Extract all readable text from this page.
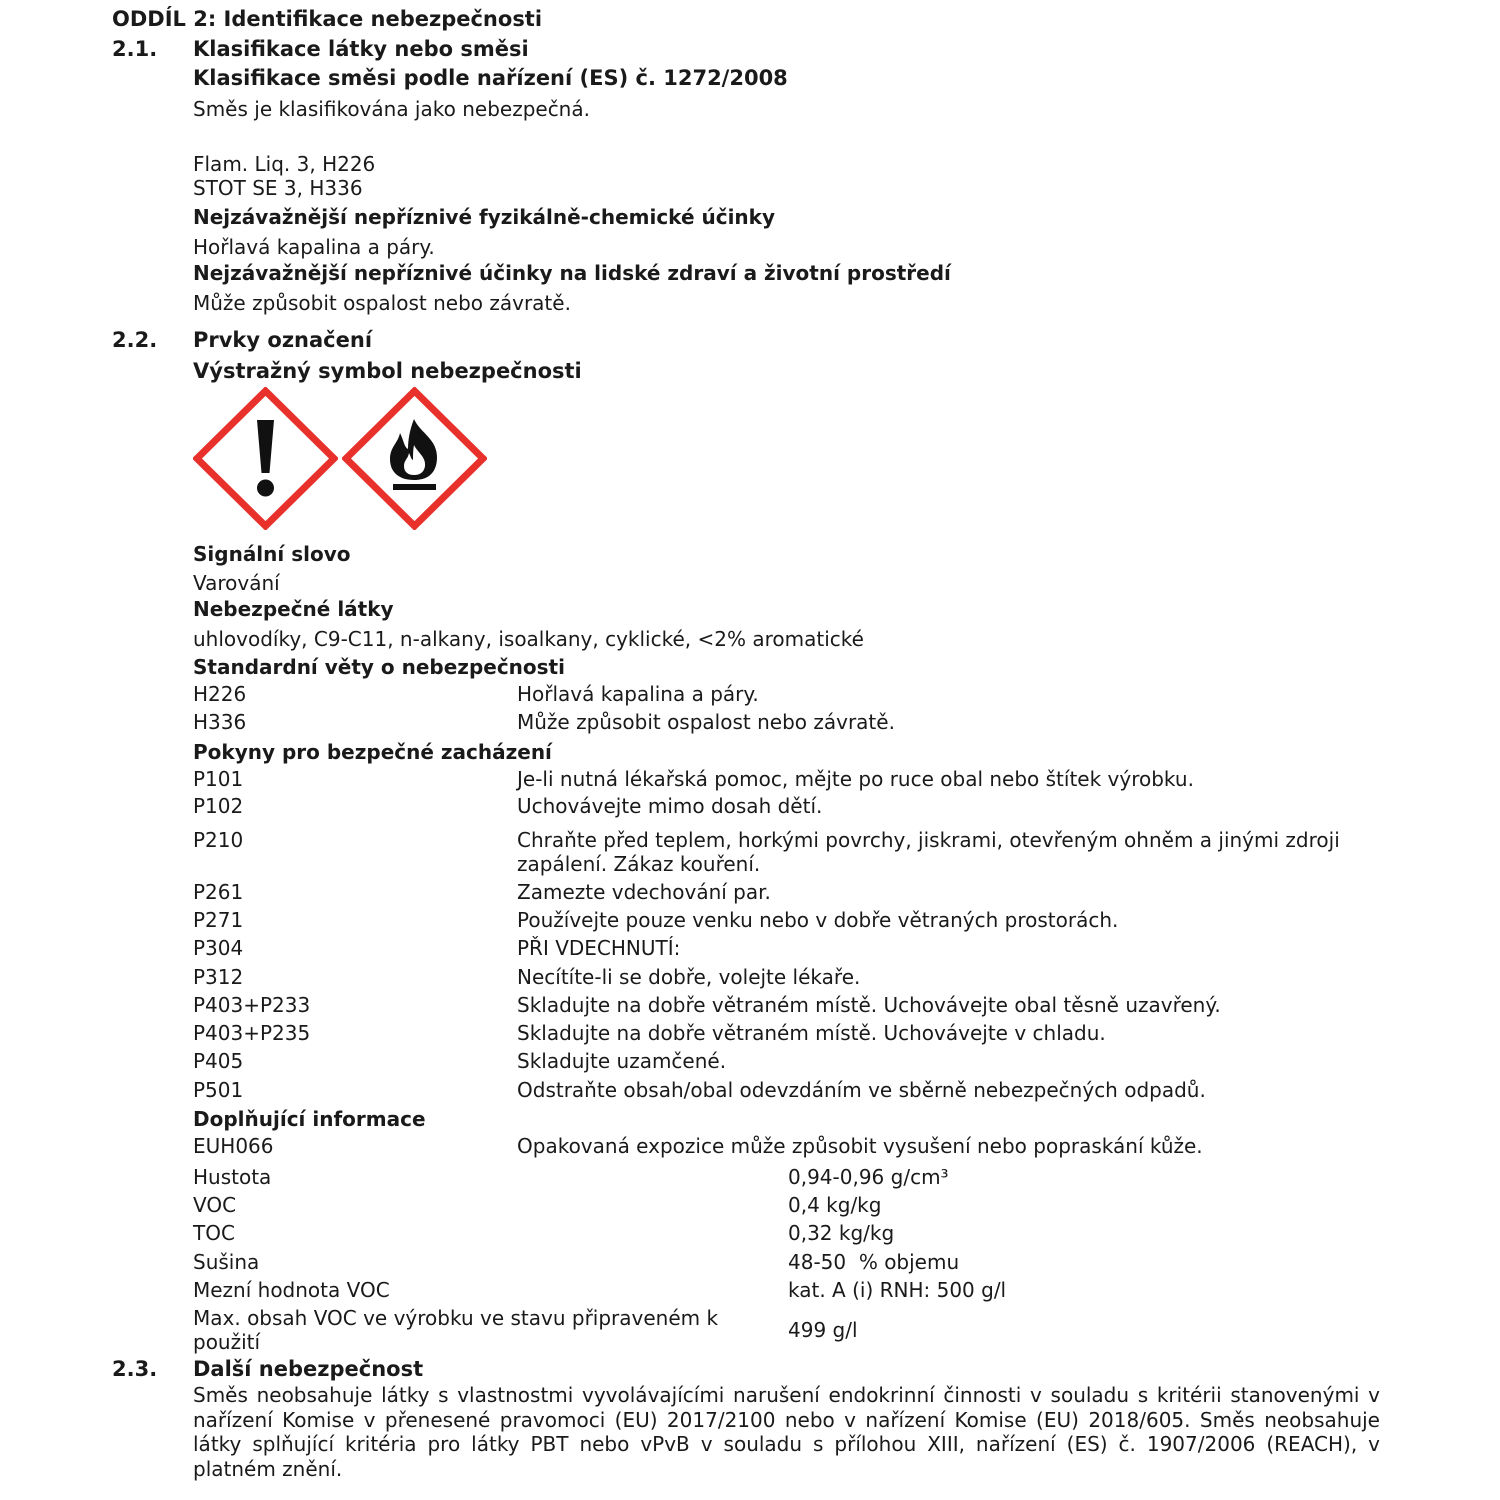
ODDÍL 2: Identifikace nebezpečnosti
2.1. Klasifikace látky nebo směsi
Klasifikace směsi podle nařízení (ES) č. 1272/2008
Směs je klasifikována jako nebezpečná.
Flam. Liq. 3, H226
STOT SE 3, H336
Nejzávažnější nepříznivé fyzikálně-chemické účinky
Hořlavá kapalina a páry.
Nejzávažnější nepříznivé účinky na lidské zdraví a životní prostředí
Může způsobit ospalost nebo závratě.
2.2. Prvky označení
Výstražný symbol nebezpečnosti
Signální slovo
Varování
Nebezpečné látky
uhlovodíky, C9-C11, n-alkany, isoalkany, cyklické, <2% aromatické
Standardní věty o nebezpečnosti
H226	Hořlavá kapalina a páry.
H336	Může způsobit ospalost nebo závratě.
Pokyny pro bezpečné zacházení
P101	Je-li nutná lékařská pomoc, mějte po ruce obal nebo štítek výrobku.
P102	Uchovávejte mimo dosah dětí.
P210	Chraňte před teplem, horkými povrchy, jiskrami, otevřeným ohněm a jinými zdroji zapálení. Zákaz kouření.
P261	Zamezte vdechování par.
P271	Používejte pouze venku nebo v dobře větraných prostorách.
P304	PŘI VDECHNUTÍ:
P312	Necítíte-li se dobře, volejte lékaře.
P403+P233	Skladujte na dobře větraném místě. Uchovávejte obal těsně uzavřený.
P403+P235	Skladujte na dobře větraném místě. Uchovávejte v chladu.
P405	Skladujte uzamčené.
P501	Odstraňte obsah/obal odevzdáním ve sběrně nebezpečných odpadů.
Doplňující informace
EUH066	Opakovaná expozice může způsobit vysušení nebo popraskání kůže.
Hustota	0,94-0,96 g/cm³
VOC	0,4 kg/kg
TOC	0,32 kg/kg
Sušina	48-50  % objemu
Mezní hodnota VOC	kat. A (i) RNH: 500 g/l
Max. obsah VOC ve výrobku ve stavu připraveném k použití	499 g/l
2.3. Další nebezpečnost
Směs neobsahuje látky s vlastnostmi vyvolávajícími narušení endokrinní činnosti v souladu s kritérii stanovenými v nařízení Komise v přenesené pravomoci (EU) 2017/2100 nebo v nařízení Komise (EU) 2018/605. Směs neobsahuje látky splňující kritéria pro látky PBT nebo vPvB v souladu s přílohou XIII, nařízení (ES) č. 1907/2006 (REACH), v platném znění.
